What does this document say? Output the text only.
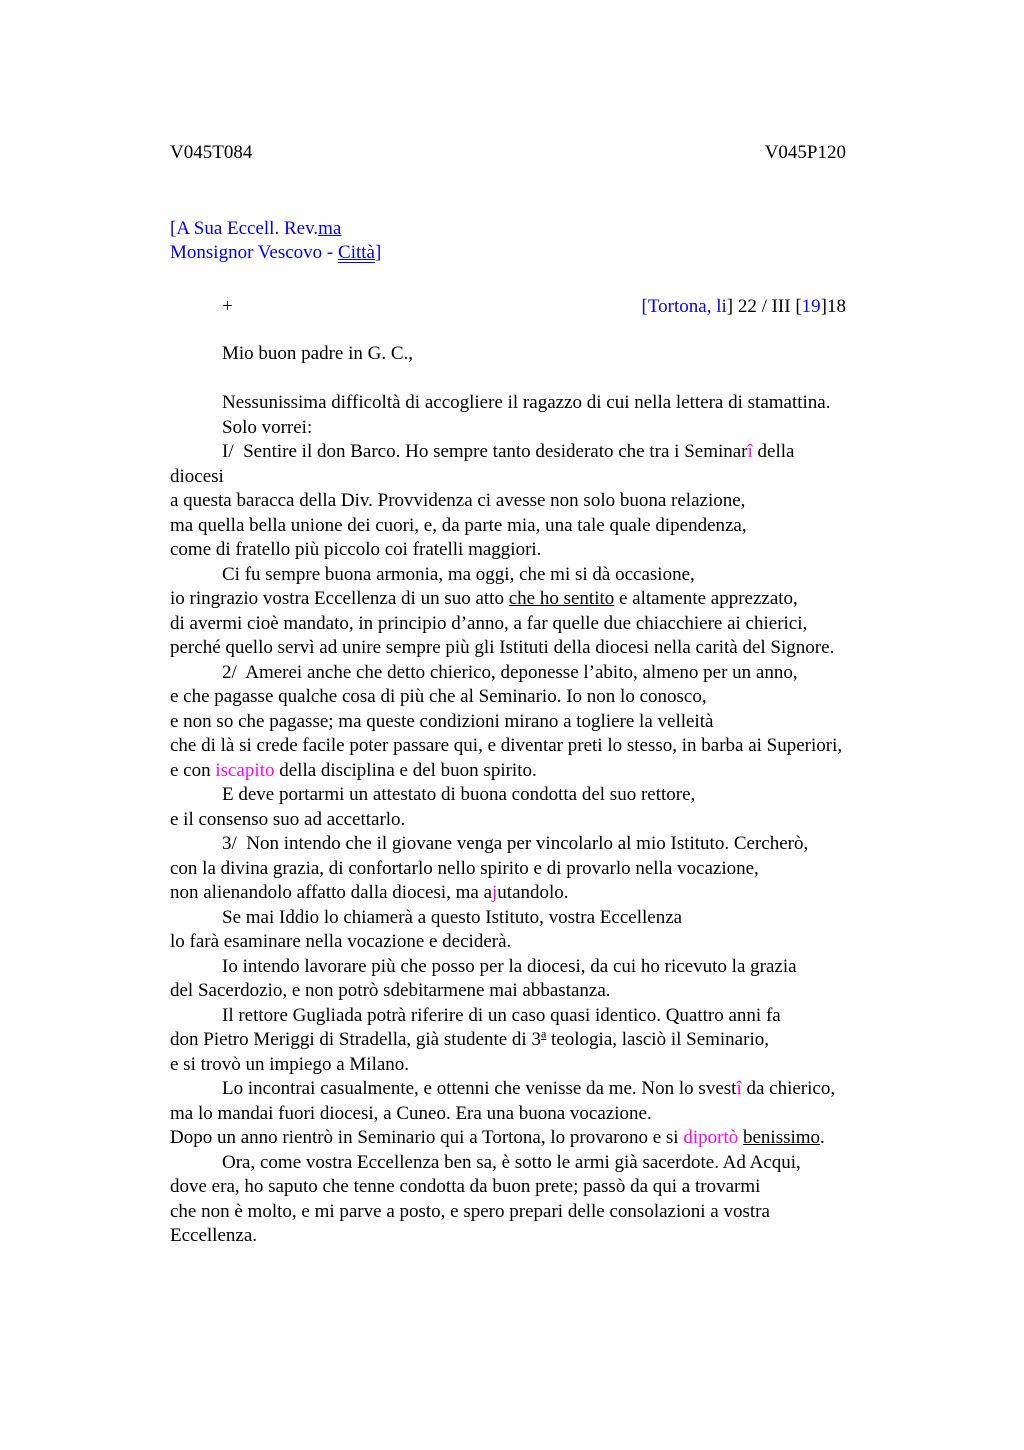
V045T084	V045P120
[A Sua Eccell. Rev.ma
Monsignor Vescovo - Città]
+	[Tortona, li] 22 / III [19]18
Mio buon padre in G. C.,
Nessunissima difficoltà di accogliere il ragazzo di cui nella lettera di stamattina.
Solo vorrei:
I/  Sentire il don Barco. Ho sempre tanto desiderato che tra i Seminarî della
diocesi
a questa baracca della Div. Provvidenza ci avesse non solo buona relazione,
ma quella bella unione dei cuori, e, da parte mia, una tale quale dipendenza,
come di fratello più piccolo coi fratelli maggiori.
Ci fu sempre buona armonia, ma oggi, che mi si dà occasione,
io ringrazio vostra Eccellenza di un suo atto che ho sentito e altamente apprezzato,
di avermi cioè mandato, in principio d’anno, a far quelle due chiacchiere ai chierici,
perché quello servì ad unire sempre più gli Istituti della diocesi nella carità del Signore.
2/  Amerei anche che detto chierico, deponesse l’abito, almeno per un anno,
e che pagasse qualche cosa di più che al Seminario. Io non lo conosco,
e non so che pagasse; ma queste condizioni mirano a togliere la velleità
che di là si crede facile poter passare qui, e diventar preti lo stesso, in barba ai Superiori,
e con iscapito della disciplina e del buon spirito.
E deve portarmi un attestato di buona condotta del suo rettore,
e il consenso suo ad accettarlo.
3/  Non intendo che il giovane venga per vincolarlo al mio Istituto. Cercherò,
con la divina grazia, di confortarlo nello spirito e di provarlo nella vocazione,
non alienandolo affatto dalla diocesi, ma ajutandolo.
Se mai Iddio lo chiamerà a questo Istituto, vostra Eccellenza
lo farà esaminare nella vocazione e deciderà.
Io intendo lavorare più che posso per la diocesi, da cui ho ricevuto la grazia
del Sacerdozio, e non potrò sdebitarmene mai abbastanza.
Il rettore Gugliada potrà riferire di un caso quasi identico. Quattro anni fa
don Pietro Meriggi di Stradella, già studente di 3$^a$ teologia, lasciò il Seminario,
e si trovò un impiego a Milano.
Lo incontrai casualmente, e ottenni che venisse da me. Non lo svestî da chierico,
ma lo mandai fuori diocesi, a Cuneo. Era una buona vocazione.
Dopo un anno rientrò in Seminario qui a Tortona, lo provarono e si diportò benissimo.
Ora, come vostra Eccellenza ben sa, è sotto le armi già sacerdote. Ad Acqui,
dove era, ho saputo che tenne condotta da buon prete; passò da qui a trovarmi
che non è molto, e mi parve a posto, e spero prepari delle consolazioni a vostra
Eccellenza.
